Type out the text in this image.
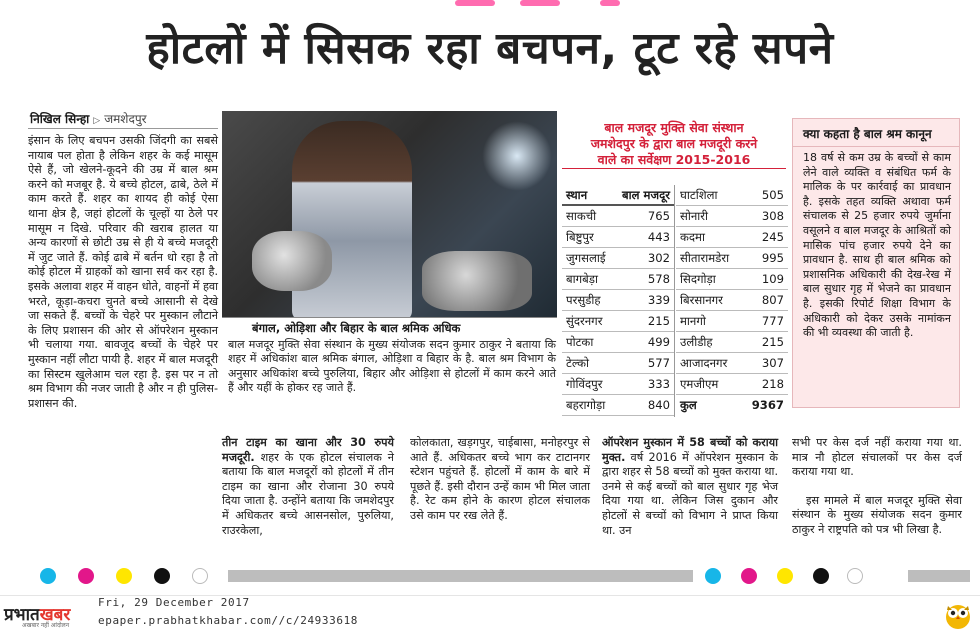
होटलों में सिसक रहा बचपन, टूट रहे सपने
निखिल सिन्हा ▷ जमशेदपुर

इंसान के लिए बचपन उसकी जिंदगी का सबसे नायाब पल होता है लेकिन शहर के कई मासूम ऐसे हैं, जो खेलने-कूदने की उम्र में बाल श्रम करने को मजबूर है. ये बच्चे होटल, ढाबे, ठेले में काम करते हैं. शहर का शायद ही कोई ऐसा थाना क्षेत्र है, जहां होटलों के चूल्हों या ठेले पर मासूम न दिखे. परिवार की खराब हालत या अन्य कारणों से छोटी उम्र से ही ये बच्चे मजदूरी में जुट जाते हैं. कोई ढाबे में बर्तन धो रहा है तो कोई होटल में ग्राहकों को खाना सर्व कर रहा है. इसके अलावा शहर में वाहन धोते, वाहनों में हवा भरते, कूड़ा-कचरा चुनते बच्चे आसानी से देखे जा सकते हैं. बच्चों के चेहरे पर मुस्कान लौटाने के लिए प्रशासन की ओर से ऑपरेशन मुस्कान भी चलाया गया. बावजूद बच्चों के चेहरे पर मुस्कान नहीं लौटा पायी है. शहर में बाल मजदूरी का सिस्टम खुलेआम चल रहा है. इस पर न तो श्रम विभाग की नजर जाती है और न ही पुलिस-प्रशासन की.

बंगाल, ओड़िशा और बिहार के बाल श्रमिक अधिक
बाल मजदूर मुक्ति सेवा संस्थान के मुख्य संयोजक सदन कुमार ठाकुर ने बताया कि शहर में अधिकांश बाल श्रमिक बंगाल, ओड़िशा व बिहार के है. बाल श्रम विभाग के अनुसार अधिकांश बच्चे पुरुलिया, बिहार और ओड़िशा से होटलों में काम करने आते हैं और यहीं के होकर रह जाते हैं.
बाल मजदूर मुक्ति सेवा संस्थान
जमशेदपुर के द्वारा बाल मजदूरी करने
वाले का सर्वेक्षण 2015-2016
स्थान	बाल मजदूर
साकची	765
बिष्टुपुर	443
जुगसलाई	302
बागबेड़ा	578
परसुडीह	339
सुंदरनगर	215
पोटका	499
टेल्को	577
गोविंदपुर	333
बहरागोड़ा	840
घाटशिला	505
सोनारी	308
कदमा	245
सीतारामडेरा	995
सिदगोड़ा	109
बिरसानगर	807
मानगो	777
उलीडीह	215
आजादनगर	307
एमजीएम	218
कुल	9367
क्या कहता है बाल श्रम कानून
18 वर्ष से कम उम्र के बच्चों से काम लेने वाले व्यक्ति व संबंधित फर्म के मालिक के पर कार्रवाई का प्रावधान है. इसके तहत व्यक्ति अथावा फर्म संचालक से 25 हजार रुपये जुर्माना वसूलने व बाल मजदूर के आश्रितों को मासिक पांच हजार रुपये देने का प्रावधान है. साथ ही बाल श्रमिक को प्रशासनिक अधिकारी की देख-रेख में बाल सुधार गृह में भेजने का प्रावधान है. इसकी रिपोर्ट शिक्षा विभाग के अधिकारी को देकर उसके नामांकन की भी व्यवस्था की जाती है.
तीन टाइम का खाना और 30 रुपये मजदूरी. शहर के एक होटल संचालक ने बताया कि बाल मजदूरों को होटलों में तीन टाइम का खाना और रोजाना 30 रुपये दिया जाता है. उन्होंने बताया कि जमशेदपुर में अधिकतर बच्चे आसनसोल, पुरुलिया, राउरकेला,
कोलकाता, खड़गपुर, चाईबासा, मनोहरपुर से आते हैं. अधिकतर बच्चे भाग कर टाटानगर स्टेशन पहुंचते हैं. होटलों में काम के बारे में पूछते हैं. इसी दौरान उन्हें काम भी मिल जाता है. रेट कम होने के कारण होटल संचालक उसे काम पर रख लेते हैं.
ऑपरेशन मुस्कान में 58 बच्चों को कराया मुक्त. वर्ष 2016 में ऑपरेशन मुस्कान के द्वारा शहर से 58 बच्चों को मुक्त कराया था. उनमे से कई बच्चों को बाल सुधार गृह भेज दिया गया था. लेकिन जिस दुकान और होटलों से बच्चों को विभाग ने प्राप्त किया था. उन

सभी पर केस दर्ज नहीं कराया गया था. मात्र नौ होटल संचालकों पर केस दर्ज कराया गया था.

इस मामले में बाल मजदूर मुक्ति सेवा संस्थान के मुख्य संयोजक सदन कुमार ठाकुर ने राष्ट्रपति को पत्र भी लिखा है.

प्रभातखबर
अखबार नहीं आंदोलन
Fri, 29 December 2017
epaper.prabhatkhabar.com//c/24933618
